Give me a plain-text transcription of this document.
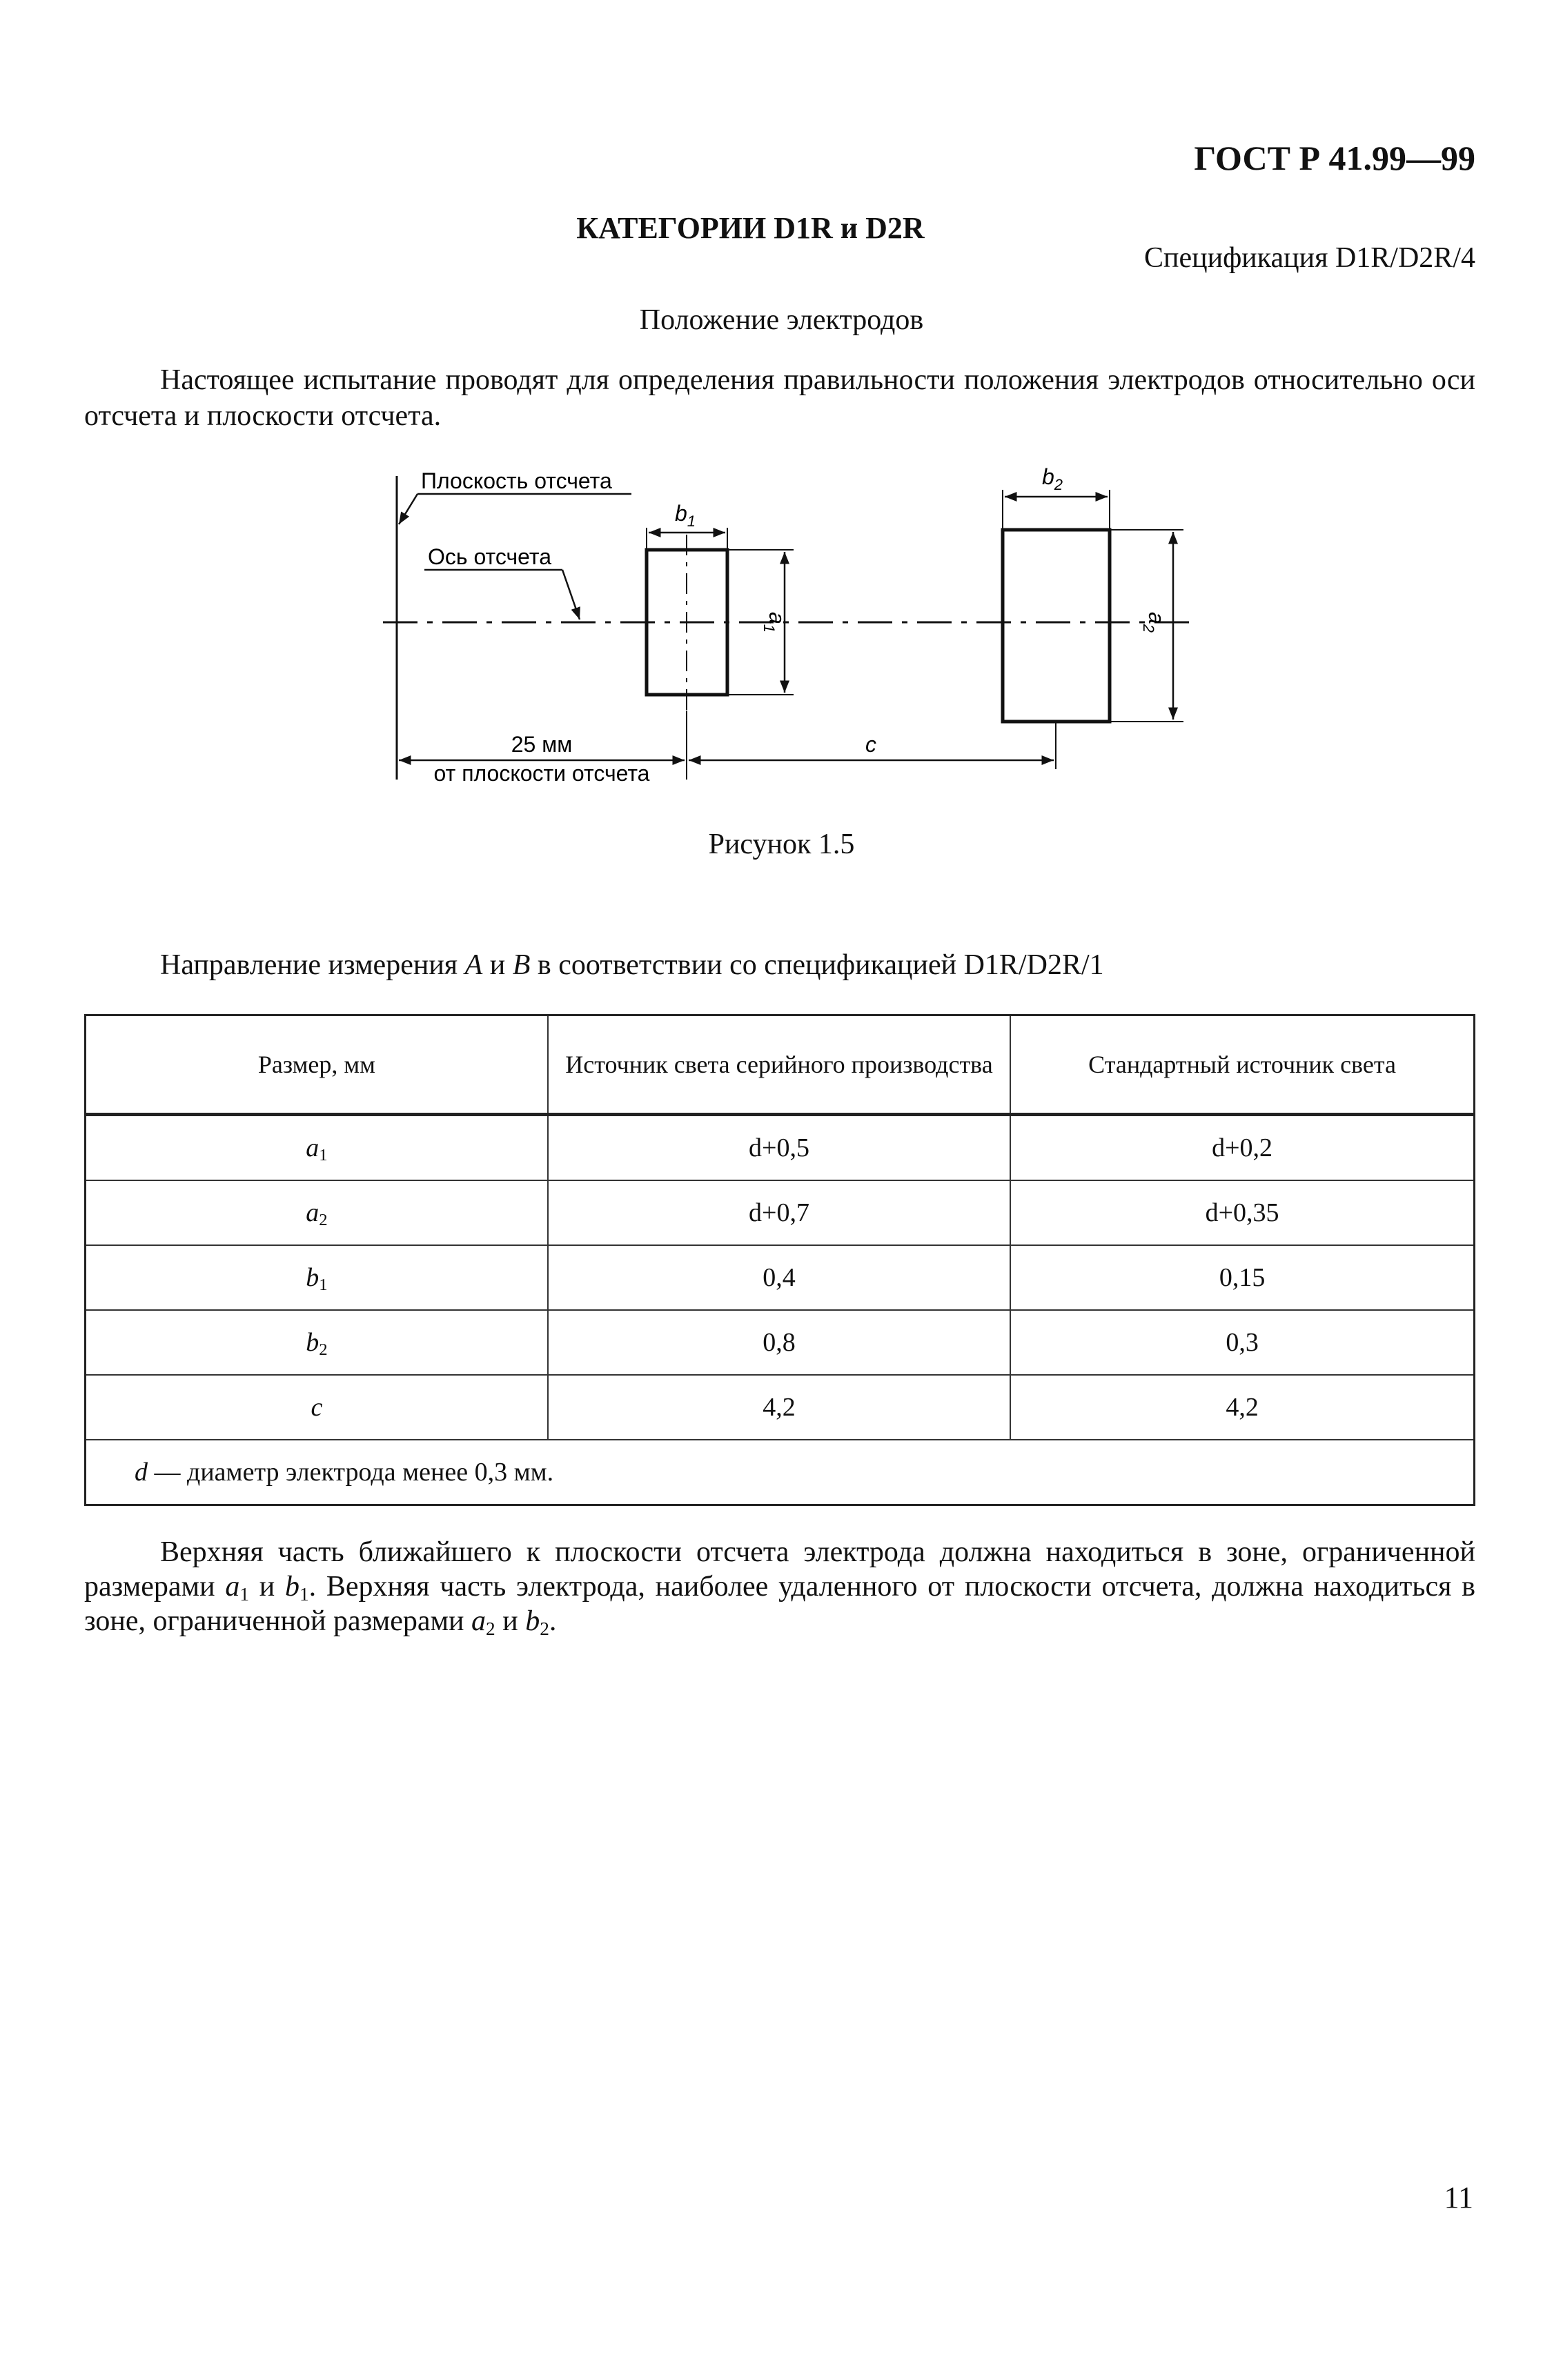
ГОСТ Р 41.99—99
КАТЕГОРИИ D1R и D2R
Спецификация D1R/D2R/4
Положение электродов
Настоящее испытание проводят для определения правильности положения электродов относительно оси отсчета и плоскости отсчета.
Плоскость отсчета
Ось отсчета
$b_1$
$a_1$
$b_2$
$a_2$
25 мм
от плоскости отсчета
c
Рисунок 1.5
Направление измерения A и B в соответствии со спецификацией D1R/D2R/1
Размер, мм	Источник света серийного производства	Стандартный источник света
$a_1$	d+0,5	d+0,2
$a_2$	d+0,7	d+0,35
$b_1$	0,4	0,15
$b_2$	0,8	0,3
c	4,2	4,2
d — диаметр электрода менее 0,3 мм.		
Верхняя часть ближайшего к плоскости отсчета электрода должна находиться в зоне, ограниченной размерами $a_1$ и $b_1$. Верхняя часть электрода, наиболее удаленного от плоскости отсчета, должна находиться в зоне, ограниченной размерами $a_2$ и $b_2$.
11
